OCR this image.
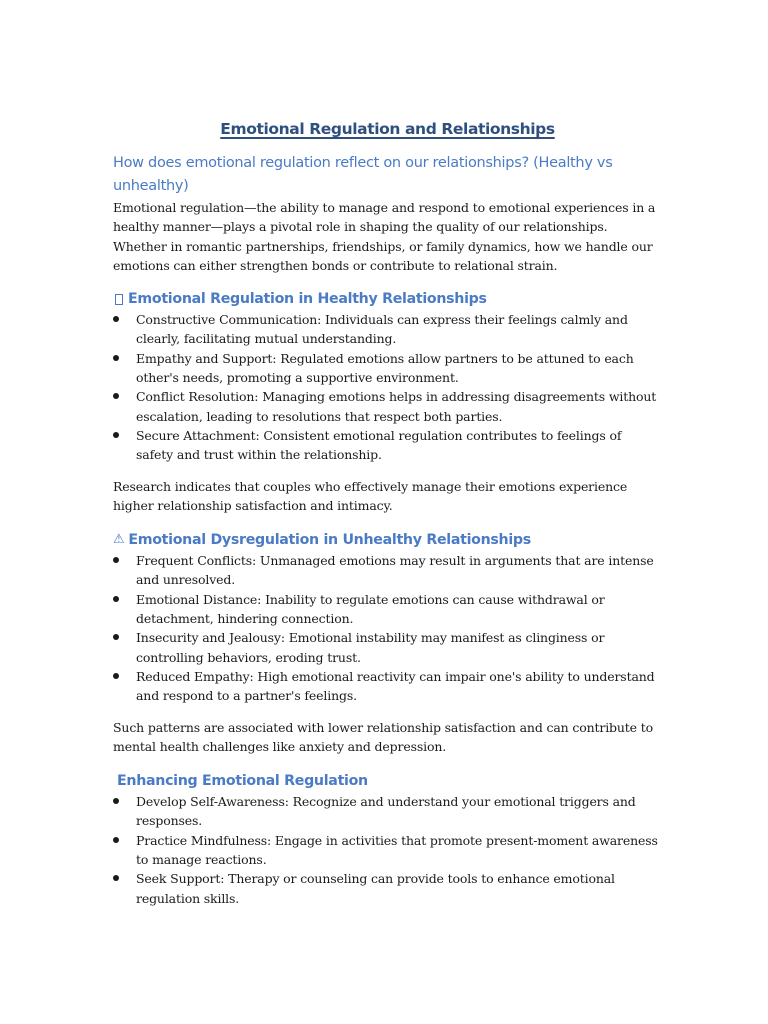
Emotional Regulation and Relationships

How does emotional regulation reflect on our relationships? (Healthy vs unhealthy)

Emotional regulation—the ability to manage and respond to emotional experiences in a healthy manner—plays a pivotal role in shaping the quality of our relationships. Whether in romantic partnerships, friendships, or family dynamics, how we handle our emotions can either strengthen bonds or contribute to relational strain.

Emotional Regulation in Healthy Relationships
Constructive Communication: Individuals can express their feelings calmly and clearly, facilitating mutual understanding.
Empathy and Support: Regulated emotions allow partners to be attuned to each other's needs, promoting a supportive environment.
Conflict Resolution: Managing emotions helps in addressing disagreements without escalation, leading to resolutions that respect both parties.
Secure Attachment: Consistent emotional regulation contributes to feelings of safety and trust within the relationship.

Research indicates that couples who effectively manage their emotions experience higher relationship satisfaction and intimacy.

⚠ Emotional Dysregulation in Unhealthy Relationships
Frequent Conflicts: Unmanaged emotions may result in arguments that are intense and unresolved.
Emotional Distance: Inability to regulate emotions can cause withdrawal or detachment, hindering connection.
Insecurity and Jealousy: Emotional instability may manifest as clinginess or controlling behaviors, eroding trust.
Reduced Empathy: High emotional reactivity can impair one's ability to understand and respond to a partner's feelings.

Such patterns are associated with lower relationship satisfaction and can contribute to mental health challenges like anxiety and depression.

Enhancing Emotional Regulation
Develop Self-Awareness: Recognize and understand your emotional triggers and responses.
Practice Mindfulness: Engage in activities that promote present-moment awareness to manage reactions.
Seek Support: Therapy or counseling can provide tools to enhance emotional regulation skills.
